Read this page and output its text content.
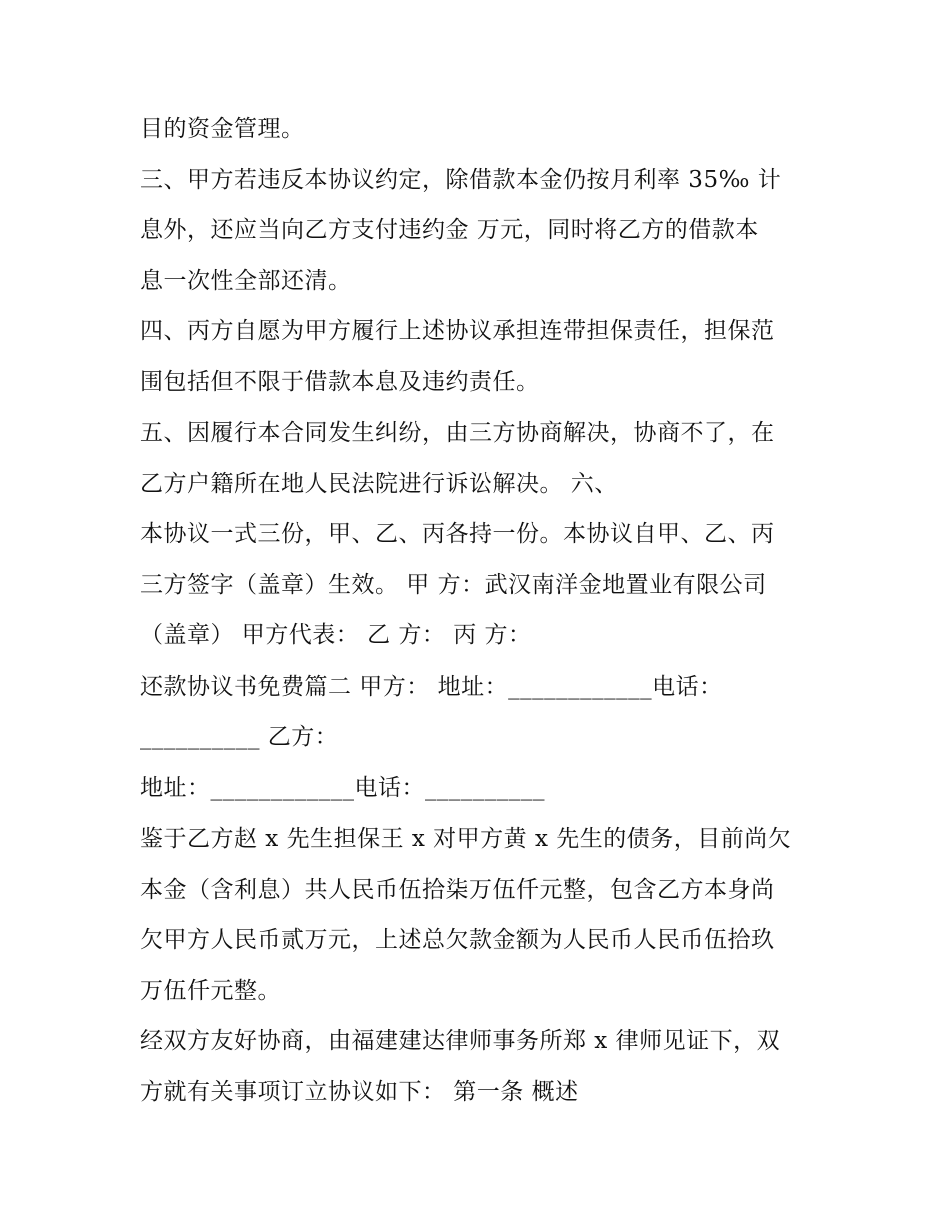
目的资金管理。
三、甲方若违反本协议约定，除借款本金仍按月利率 35‰ 计
息外，还应当向乙方支付违约金 万元，同时将乙方的借款本
息一次性全部还清。
四、丙方自愿为甲方履行上述协议承担连带担保责任，担保范
围包括但不限于借款本息及违约责任。
五、因履行本合同发生纠纷，由三方协商解决，协商不了，在
乙方户籍所在地人民法院进行诉讼解决。 六、
本协议一式三份，甲、乙、丙各持一份。本协议自甲、乙、丙
三方签字（盖章）生效。 甲 方：武汉南洋金地置业有限公司
（盖章） 甲方代表： 乙 方： 丙 方：
还款协议书免费篇二 甲方： 地址：____________电话：
__________ 乙方：
地址：____________电话：__________
鉴于乙方赵 x 先生担保王 x 对甲方黄 x 先生的债务，目前尚欠
本金（含利息）共人民币伍拾柒万伍仟元整，包含乙方本身尚
欠甲方人民币贰万元，上述总欠款金额为人民币人民币伍拾玖
万伍仟元整。
经双方友好协商，由福建建达律师事务所郑 x 律师见证下，双
方就有关事项订立协议如下： 第一条 概述
